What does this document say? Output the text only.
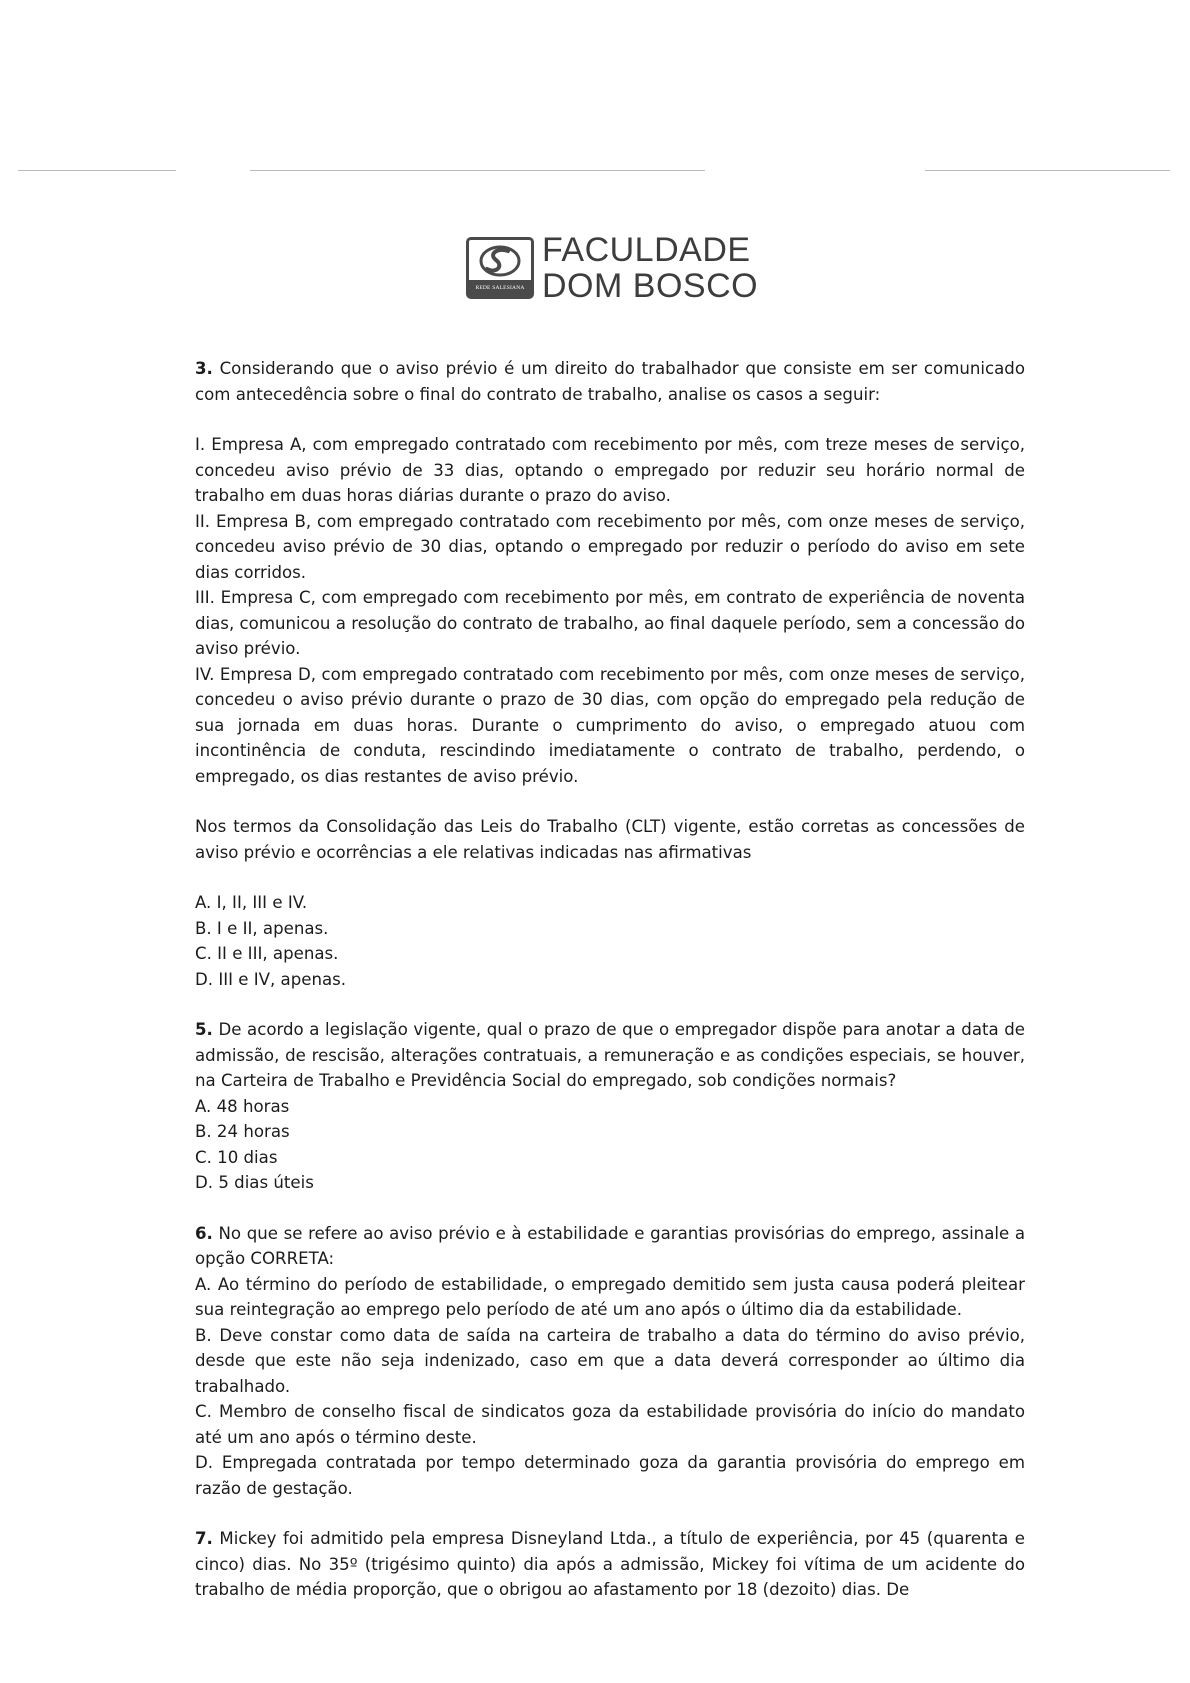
REDE SALESIANA
FACULDADE
DOM BOSCO

3. Considerando que o aviso prévio é um direito do trabalhador que consiste em ser comunicado com antecedência sobre o final do contrato de trabalho, analise os casos a seguir:

I. Empresa A, com empregado contratado com recebimento por mês, com treze meses de serviço, concedeu aviso prévio de 33 dias, optando o empregado por reduzir seu horário normal de trabalho em duas horas diárias durante o prazo do aviso.

II. Empresa B, com empregado contratado com recebimento por mês, com onze meses de serviço, concedeu aviso prévio de 30 dias, optando o empregado por reduzir o período do aviso em sete dias corridos.

III. Empresa C, com empregado com recebimento por mês, em contrato de experiência de noventa dias, comunicou a resolução do contrato de trabalho, ao final daquele período, sem a concessão do aviso prévio.

IV. Empresa D, com empregado contratado com recebimento por mês, com onze meses de serviço, concedeu o aviso prévio durante o prazo de 30 dias, com opção do empregado pela redução de sua jornada em duas horas. Durante o cumprimento do aviso, o empregado atuou com incontinência de conduta, rescindindo imediatamente o contrato de trabalho, perdendo, o empregado, os dias restantes de aviso prévio.

Nos termos da Consolidação das Leis do Trabalho (CLT) vigente, estão corretas as concessões de aviso prévio e ocorrências a ele relativas indicadas nas afirmativas

A. I, II, III e IV.

B. I e II, apenas.

C. II e III, apenas.

D. III e IV, apenas.

5. De acordo a legislação vigente, qual o prazo de que o empregador dispõe para anotar a data de admissão, de rescisão, alterações contratuais, a remuneração e as condições especiais, se houver, na Carteira de Trabalho e Previdência Social do empregado, sob condições normais?

A. 48 horas

B. 24 horas

C. 10 dias

D. 5 dias úteis

6. No que se refere ao aviso prévio e à estabilidade e garantias provisórias do emprego, assinale a opção CORRETA:

A. Ao término do período de estabilidade, o empregado demitido sem justa causa poderá pleitear sua reintegração ao emprego pelo período de até um ano após o último dia da estabilidade.

B. Deve constar como data de saída na carteira de trabalho a data do término do aviso prévio, desde que este não seja indenizado, caso em que a data deverá corresponder ao último dia trabalhado.

C. Membro de conselho fiscal de sindicatos goza da estabilidade provisória do início do mandato até um ano após o término deste.

D. Empregada contratada por tempo determinado goza da garantia provisória do emprego em razão de gestação.

7. Mickey foi admitido pela empresa Disneyland Ltda., a título de experiência, por 45 (quarenta e cinco) dias. No 35º (trigésimo quinto) dia após a admissão, Mickey foi vítima de um acidente do trabalho de média proporção, que o obrigou ao afastamento por 18 (dezoito) dias. De
